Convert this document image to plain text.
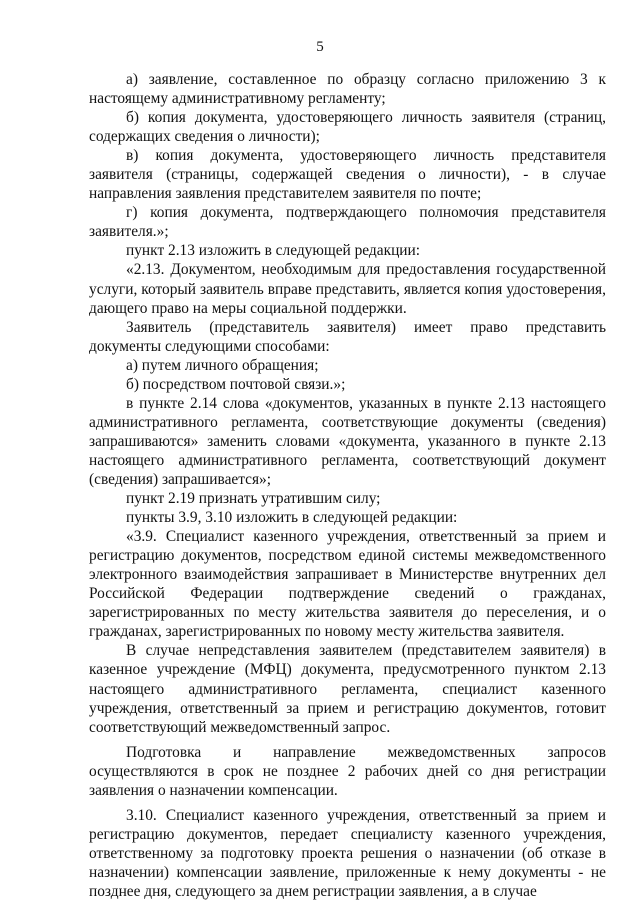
5

а) заявление, составленное по образцу согласно приложению 3 к настоящему административному регламенту;

б) копия документа, удостоверяющего личность заявителя (страниц, содержащих сведения о личности);

в) копия документа, удостоверяющего личность представителя заявителя (страницы, содержащей сведения о личности), - в случае направления заявления представителем заявителя по почте;

г) копия документа, подтверждающего полномочия представителя заявителя.»;

пункт 2.13 изложить в следующей редакции:

«2.13. Документом, необходимым для предоставления государственной услуги, который заявитель вправе представить, является копия удостоверения, дающего право на меры социальной поддержки.

Заявитель (представитель заявителя) имеет право представить документы следующими способами:

а) путем личного обращения;

б) посредством почтовой связи.»;

в пункте 2.14 слова «документов, указанных в пункте 2.13 настоящего административного регламента, соответствующие документы (сведения) запрашиваются» заменить словами «документа, указанного в пункте 2.13 настоящего административного регламента, соответствующий документ (сведения) запрашивается»;

пункт 2.19 признать утратившим силу;

пункты 3.9, 3.10 изложить в следующей редакции:

«3.9. Специалист казенного учреждения, ответственный за прием и регистрацию документов, посредством единой системы межведомственного электронного взаимодействия запрашивает в Министерстве внутренних дел Российской Федерации подтверждение сведений о гражданах, зарегистрированных по месту жительства заявителя до переселения, и о гражданах, зарегистрированных по новому месту жительства заявителя.

В случае непредставления заявителем (представителем заявителя) в казенное учреждение (МФЦ) документа, предусмотренного пунктом 2.13 настоящего административного регламента, специалист казенного учреждения, ответственный за прием и регистрацию документов, готовит соответствующий межведомственный запрос.

Подготовка и направление межведомственных запросов осуществляются в срок не позднее 2 рабочих дней со дня регистрации заявления о назначении компенсации.

3.10. Специалист казенного учреждения, ответственный за прием и регистрацию документов, передает специалисту казенного учреждения, ответственному за подготовку проекта решения о назначении (об отказе в назначении) компенсации заявление, приложенные к нему документы - не позднее дня, следующего за днем регистрации заявления, а в случае
